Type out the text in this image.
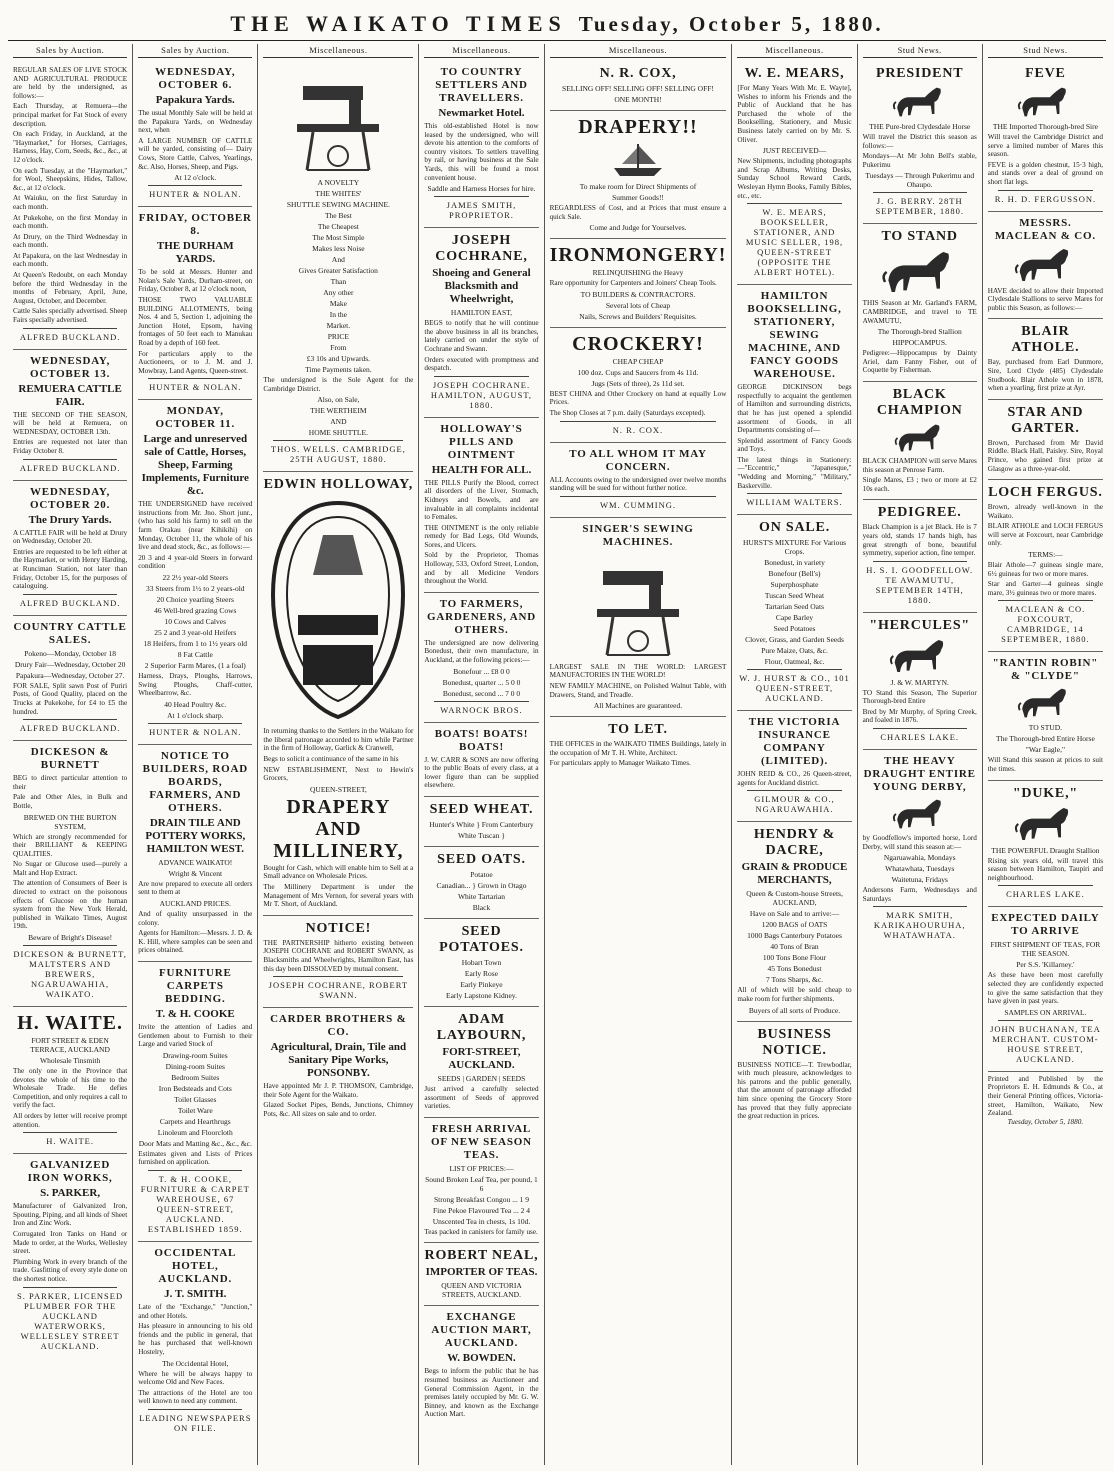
THE WAIKATO TIMES Tuesday, October 5, 1880.
Sales by Auction.
REGULAR SALES OF LIVE STOCK AND AGRICULTURAL PRODUCE are held by the undersigned, as follows:—
Each Thursday, at Remuera—the principal market for Fat Stock of every description.
On each Friday, in Auckland, at the "Haymarket," for Horses, Carriages, Harness, Hay, Corn, Seeds, &c., &c., at 12 o'clock.
On each Tuesday, at the "Haymarket," for Wool, Sheepskins, Hides, Tallow, &c., at 12 o'clock.
At Waiuku, on the first Saturday in each month.
At Pukekohe, on the first Monday in each month.
At Drury, on the Third Wednesday in each month.
At Papakura, on the last Wednesday in each month.
At Queen's Redoubt, on each Monday before the third Wednesday in the months of February, April, June, August, October, and December.
Cattle Sales specially advertised. Sheep Fairs specially advertised.
ALFRED BUCKLAND.
WEDNESDAY, OCTOBER 13.
REMUERA CATTLE FAIR.
THE SECOND OF THE SEASON, will be held at Remuera, on WEDNESDAY, OCTOBER 13th.
Entries are requested not later than Friday October 8.
ALFRED BUCKLAND.
WEDNESDAY, OCTOBER 20.
The Drury Yards.
A CATTLE FAIR will be held at Drury on Wednesday, October 20.
Entries are requested to be left either at the Haymarket, or with Henry Harding, at Runciman Station, not later than Friday, October 15, for the purposes of cataloguing.
ALFRED BUCKLAND.
COUNTRY CATTLE SALES.
Pokeno—Monday, October 18
Drury Fair—Wednesday, October 20
Papakura—Wednesday, October 27.
FOR SALE, Split sawn Post of Puriri Posts, of Good Quality, placed on the Trucks at Pukekohe, for £4 to £5 the hundred.
ALFRED BUCKLAND.
DICKESON & BURNETT
BEG to direct particular attention to their
Pale and Other Ales, in Bulk and Bottle,
BREWED ON THE BURTON SYSTEM,
Which are strongly recommended for their BRILLIANT & KEEPING QUALITIES.
No Sugar or Glucose used—purely a Malt and Hop Extract.
The attention of Consumers of Beer is directed to extract on the poisonous effects of Glucose on the human system from the New York Herald, published in Waikato Times, August 19th.
Beware of Bright's Disease!
DICKESON & BURNETT, MALTSTERS AND BREWERS, NGARUAWAHIA, WAIKATO.
H. WAITE.
FORT STREET & EDEN TERRACE, AUCKLAND
Wholesale Tinsmith
The only one in the Province that devotes the whole of his time to the Wholesale Trade. He defies Competition, and only requires a call to verify the fact.
All orders by letter will receive prompt attention.
H. WAITE.
GALVANIZED IRON WORKS,
S. PARKER,
Manufacturer of Galvanized Iron, Spouting, Piping, and all kinds of Sheet Iron and Zinc Work.
Corrugated Iron Tanks on Hand or Made to order, at the Works, Wellesley street.
Plumbing Work in every branch of the trade. Gasfitting of every style done on the shortest notice.
S. PARKER, LICENSED PLUMBER FOR THE AUCKLAND WATERWORKS, WELLESLEY STREET AUCKLAND.
Sales by Auction.
WEDNESDAY, OCTOBER 6.
Papakura Yards.
The usual Monthly Sale will be held at the Papakura Yards, on Wednesday next, when
A LARGE NUMBER OF CATTLE will be yarded, consisting of— Dairy Cows, Store Cattle, Calves, Yearlings, &c. Also, Horses, Sheep, and Pigs.
At 12 o'clock.
HUNTER & NOLAN.
FRIDAY, OCTOBER 8.
THE DURHAM YARDS.
To be sold at Messrs. Hunter and Nolan's Sale Yards, Durham-street, on Friday, October 8, at 12 o'clock noon,
THOSE TWO VALUABLE BUILDING ALLOTMENTS, being Nos. 4 and 5, Section 1, adjoining the Junction Hotel, Epsom, having frontages of 50 feet each to Manukau Road by a depth of 160 feet.
For particulars apply to the Auctioneers, or to J. M. and J. Mowbray, Land Agents, Queen-street.
HUNTER & NOLAN.
MONDAY, OCTOBER 11.
Large and unreserved sale of Cattle, Horses, Sheep, Farming Implements, Furniture &c.
THE UNDERSIGNED have received instructions from Mr. Jno. Short junr., (who has sold his farm) to sell on the farm Orakau (near Kihikihi) on Monday, October 11, the whole of his live and dead stock, &c., as follows:—
20 3 and 4 year-old Steers in forward condition
22 2½ year-old Steers
33 Steers from 1½ to 2 years-old
20 Choice yearling Steers
46 Well-bred grazing Cows
10 Cows and Calves
25 2 and 3 year-old Heifers
18 Heifers, from 1 to 1½ years old
8 Fat Cattle
2 Superior Farm Mares, (1 a foal)
Harness, Drays, Ploughs, Harrows, Swing Ploughs, Chaff-cutter, Wheelbarrow, &c.
40 Head Poultry &c.
At 1 o'clock sharp.
HUNTER & NOLAN.
NOTICE TO BUILDERS, ROAD BOARDS, FARMERS, AND OTHERS.
DRAIN TILE AND POTTERY WORKS, HAMILTON WEST.
ADVANCE WAIKATO!
Wright & Vincent
Are now prepared to execute all orders sent to them at
AUCKLAND PRICES.
And of quality unsurpassed in the colony.
Agents for Hamilton:—Messrs. J. D. & K. Hill, where samples can be seen and prices obtained.
FURNITURE CARPETS BEDDING.
T. & H. COOKE
Invite the attention of Ladies and Gentlemen about to Furnish to their Large and varied Stock of
Drawing-room Suites
Dining-room Suites
Bedroom Suites
Iron Bedsteads and Cots
Toilet Glasses
Toilet Ware
Carpets and Hearthrugs
Linoleum and Floorcloth
Door Mats and Matting &c., &c., &c.
Estimates given and Lists of Prices furnished on application.
T. & H. COOKE, FURNITURE & CARPET WAREHOUSE, 67 QUEEN-STREET, AUCKLAND. ESTABLISHED 1859.
OCCIDENTAL HOTEL, AUCKLAND.
J. T. SMITH.
Late of the "Exchange," "Junction," and other Hotels.
Has pleasure in announcing to his old friends and the public in general, that he has purchased that well-known Hostelry,
The Occidental Hotel,
Where he will be always happy to welcome Old and New Faces.
The attractions of the Hotel are too well known to need any comment.
LEADING NEWSPAPERS ON FILE.
Miscellaneous.
A NOVELTY
THE WHITES'
SHUTTLE SEWING MACHINE.
The Best
The Cheapest
The Most Simple
Makes less Noise
And
Gives Greater Satisfaction
Than
Any other
Make
In the
Market.
PRICE
From
£3 10s and Upwards.
Time Payments taken.
The undersigned is the Sole Agent for the Cambridge District.
Also, on Sale,
THE WERTHEIM
AND
HOME SHUTTLE.
THOS. WELLS. CAMBRIDGE, 25TH AUGUST, 1880.
EDWIN HOLLOWAY,
In returning thanks to the Settlers in the Waikato for the liberal patronage accorded to him while Partner in the firm of Holloway, Garlick & Cranwell,
Begs to solicit a continuance of the same in his
NEW ESTABLISHMENT, Next to Hewin's Grocers,
QUEEN-STREET,
DRAPERY AND MILLINERY,
Bought for Cash, which will enable him to Sell at a Small advance on Wholesale Prices.
The Millinery Department is under the Management of Mrs Vernon, for several years with Mr T. Short, of Auckland.
NOTICE!
THE PARTNERSHIP hitherto existing between JOSEPH COCHRANE and ROBERT SWANN, as Blacksmiths and Wheelwrights, Hamilton East, has this day been DISSOLVED by mutual consent.
JOSEPH COCHRANE, ROBERT SWANN.
CARDER BROTHERS & CO.
Agricultural, Drain, Tile and Sanitary Pipe Works, PONSONBY.
Have appointed Mr J. P. THOMSON, Cambridge, their Sole Agent for the Waikato.
Glazed Socket Pipes, Bends, Junctions, Chimney Pots, &c. All sizes on sale and to order.
Miscellaneous.
TO COUNTRY SETTLERS AND TRAVELLERS.
Newmarket Hotel.
This old-established Hotel is now leased by the undersigned, who will devote his attention to the comforts of country visitors. To settlers travelling by rail, or having business at the Sale Yards, this will be found a most convenient house.
Saddle and Harness Horses for hire.
JAMES SMITH, PROPRIETOR.
JOSEPH COCHRANE,
Shoeing and General Blacksmith and Wheelwright,
HAMILTON EAST,
BEGS to notify that he will continue the above business in all its branches, lately carried on under the style of Cochrane and Swann.
Orders executed with promptness and despatch.
JOSEPH COCHRANE. HAMILTON, AUGUST, 1880.
HOLLOWAY'S PILLS AND OINTMENT
HEALTH FOR ALL.
THE PILLS Purify the Blood, correct all disorders of the Liver, Stomach, Kidneys and Bowels, and are invaluable in all complaints incidental to Females.
THE OINTMENT is the only reliable remedy for Bad Legs, Old Wounds, Sores, and Ulcers.
Sold by the Proprietor, Thomas Holloway, 533, Oxford Street, London, and by all Medicine Vendors throughout the World.
TO FARMERS, GARDENERS, AND OTHERS.
The undersigned are now delivering Bonedust, their own manufacture, in Auckland, at the following prices:—
Bonefour ... £8 0 0
Bonedust, quarter ... 5 0 0
Bonedust, second ... 7 0 0
WARNOCK BROS.
BOATS! BOATS! BOATS!
J. W. CARR & SONS are now offering to the public Boats of every class, at a lower figure than can be supplied elsewhere.
SEED WHEAT.
Hunter's White } From Canterbury
White Tuscan }
SEED OATS.
Potatoe
Canadian... } Grown in Otago
White Tartarian
Black
SEED POTATOES.
Hobart Town
Early Rose
Early Pinkeye
Early Lapstone Kidney.
ADAM LAYBOURN,
FORT-STREET, AUCKLAND.
SEEDS | GARDEN | SEEDS
Just arrived a carefully selected assortment of Seeds of approved varieties.
FRESH ARRIVAL OF NEW SEASON TEAS.
LIST OF PRICES:—
Sound Broken Leaf Tea, per pound, 1 6
Strong Breakfast Congou ... 1 9
Fine Pekoe Flavoured Tea ... 2 4
Unscented Tea in chests, 1s 10d.
Teas packed in canisters for family use.
ROBERT NEAL,
IMPORTER OF TEAS.
QUEEN AND VICTORIA STREETS, AUCKLAND.
EXCHANGE AUCTION MART, AUCKLAND.
W. BOWDEN.
Begs to inform the public that he has resumed business as Auctioneer and General Commission Agent, in the premises lately occupied by Mr. G. W. Binney, and known as the Exchange Auction Mart.
Miscellaneous.
N. R. COX,
SELLING OFF! SELLING OFF! SELLING OFF!
ONE MONTH!
DRAPERY!!
To make room for Direct Shipments of
Summer Goods!!
REGARDLESS of Cost, and at Prices that must ensure a quick Sale.
Come and Judge for Yourselves.
IRONMONGERY!
RELINQUISHING the Heavy
Rare opportunity for Carpenters and Joiners' Cheap Tools.
TO BUILDERS & CONTRACTORS.
Several lots of Cheap
Nails, Screws and Builders' Requisites.
CROCKERY!
CHEAP CHEAP
100 doz. Cups and Saucers from 4s 11d.
Jugs (Sets of three), 2s 11d set.
BEST CHINA and Other Crockery on hand at equally Low Prices.
The Shop Closes at 7 p.m. daily (Saturdays excepted).
N. R. COX.
TO ALL WHOM IT MAY CONCERN.
ALL Accounts owing to the undersigned over twelve months standing will be sued for without further notice.
WM. CUMMING.
SINGER'S SEWING MACHINES.
LARGEST SALE IN THE WORLD: LARGEST MANUFACTORIES IN THE WORLD!
NEW FAMILY MACHINE, on Polished Walnut Table, with Drawers, Stand, and Treadle.
All Machines are guaranteed.
TO LET.
THE OFFICES in the WAIKATO TIMES Buildings, lately in the occupation of Mr T. H. White, Architect.
For particulars apply to Manager Waikato Times.
Miscellaneous.
W. E. MEARS,
[For Many Years With Mr. E. Wayte], Wishes to inform his Friends and the Public of Auckland that he has Purchased the whole of the Bookselling, Stationery, and Music Business lately carried on by Mr. S. Oliver.
JUST RECEIVED—
New Shipments, including photographs and Scrap Albums, Writing Desks, Sunday School Reward Cards, Wesleyan Hymn Books, Family Bibles, etc., etc.
W. E. MEARS, BOOKSELLER, STATIONER, AND MUSIC SELLER, 198, QUEEN-STREET (OPPOSITE THE ALBERT HOTEL).
HAMILTON BOOKSELLING, STATIONERY, SEWING MACHINE, AND FANCY GOODS WAREHOUSE.
GEORGE DICKINSON begs respectfully to acquaint the gentlemen of Hamilton and surrounding districts, that he has just opened a splendid assortment of Goods, in all Departments consisting of—
Splendid assortment of Fancy Goods and Toys.
The latest things in Stationery:—"Eccentric," "Japanesque," "Wedding and Morning," "Military," Baskerville.
WILLIAM WALTERS.
ON SALE.
HURST'S MIXTURE For Various Crops.
Bonedust, in variety
Bonefour (Bell's)
Superphosphate
Tuscan Seed Wheat
Tartarian Seed Oats
Cape Barley
Seed Potatoes
Clover, Grass, and Garden Seeds
Pure Maize, Oats, &c.
Flour, Oatmeal, &c.
W. J. HURST & CO., 101 QUEEN-STREET, AUCKLAND.
THE VICTORIA INSURANCE COMPANY (LIMITED).
JOHN REID & CO., 26 Queen-street, agents for Auckland district.
GILMOUR & CO., NGARUAWAHIA.
HENDRY & DACRE,
GRAIN & PRODUCE MERCHANTS,
Queen & Custom-house Streets, AUCKLAND,
Have on Sale and to arrive:—
1200 BAGS of OATS
1000 Bags Canterbury Potatoes
40 Tons of Bran
100 Tons Bone Flour
45 Tons Bonedust
7 Tons Sharps, &c.
All of which will be sold cheap to make room for further shipments.
Buyers of all sorts of Produce.
BUSINESS NOTICE.
BUSINESS NOTICE—T. Trewbodlar, with much pleasure, acknowledges to his patrons and the public generally, that the amount of patronage afforded him since opening the Grocery Store has proved that they fully appreciate the great reduction in prices.
Stud News.
PRESIDENT
THE Pure-bred Clydesdale Horse
Will travel the District this season as follows:—
Mondays—At Mr John Bell's stable, Pukerimu
Tuesdays — Through Pukerimu and Ohaupo.
J. G. BERRY. 28TH SEPTEMBER, 1880.
TO STAND
THIS Season at Mr. Garland's FARM, CAMBRIDGE, and travel to TE AWAMUTU,
The Thorough-bred Stallion
HIPPOCAMPUS.
Pedigree:—Hippocampus by Dainty Ariel, dam Fanny Fisher, out of Coquette by Fisherman.
BLACK CHAMPION
BLACK CHAMPION will serve Mares this season at Penrose Farm.
Single Mares, £3 ; two or more at £2 10s each.
PEDIGREE.
Black Champion is a jet Black. He is 7 years old, stands 17 hands high, has great strength of bone, beautiful symmetry, superior action, fine temper.
H. S. I. GOODFELLOW. TE AWAMUTU, SEPTEMBER 14TH, 1880.
"HERCULES"
J. & W. MARTYN.
TO Stand this Season, The Superior Thorough-bred Entire
Bred by Mr Murphy, of Spring Creek, and foaled in 1876.
CHARLES LAKE.
THE HEAVY DRAUGHT ENTIRE YOUNG DERBY,
by Goodfellow's imported horse, Lord Derby, will stand this season at:—
Ngaruawahia, Mondays
Whatawhata, Tuesdays
Waitetuna, Fridays
Andersons Farm, Wednesdays and Saturdays
MARK SMITH, KARIKAHOURUHA, WHATAWHATA.
Stud News.
FEVE
THE Imported Thorough-bred Sire
Will travel the Cambridge District and serve a limited number of Mares this season.
FEVE is a golden chestnut, 15·3 high, and stands over a deal of ground on short flat legs.
R. H. D. FERGUSSON.
MESSRS. MACLEAN & CO.
HAVE decided to allow their Imported Clydesdale Stallions to serve Mares for public this Season, as follows:—
BLAIR ATHOLE.
Bay, purchased from Earl Dunmore, Sire, Lord Clyde (485) Clydesdale Studbook. Blair Athole won in 1878, when a yearling, first prize at Ayr.
STAR AND GARTER.
Brown, Purchased from Mr David Riddle. Black Hall, Paisley. Sire, Royal Prince, who gained first prize at Glasgow as a three-year-old.
LOCH FERGUS.
Brown, already well-known in the Waikato.
BLAIR ATHOLE and LOCH FERGUS will serve at Foxcourt, near Cambridge only.
TERMS:—
Blair Athole—7 guineas single mare, 6½ guineas for two or more mares.
Star and Garter—4 guineas single mare, 3½ guineas two or more mares.
MACLEAN & CO. FOXCOURT, CAMBRIDGE, 14 SEPTEMBER, 1880.
"RANTIN ROBIN" & "CLYDE"
TO STUD.
The Thorough-bred Entire Horse
"War Eagle,"
Will Stand this season at prices to suit the times.
"DUKE,"
THE POWERFUL Draught Stallion
Rising six years old, will travel this season between Hamilton, Taupiri and neighbourhood.
CHARLES LAKE.
EXPECTED DAILY TO ARRIVE
FIRST SHIPMENT OF TEAS, FOR THE SEASON.
Per S.S. 'Killarney.'
As these have been most carefully selected they are confidently expected to give the same satisfaction that they have given in past years.
SAMPLES ON ARRIVAL.
JOHN BUCHANAN, TEA MERCHANT. CUSTOM-HOUSE STREET, AUCKLAND.
Printed and Published by the Proprietors E. H. Edmunds & Co., at their General Printing offices, Victoria-street, Hamilton, Waikato, New Zealand.
Tuesday, October 5, 1880.
